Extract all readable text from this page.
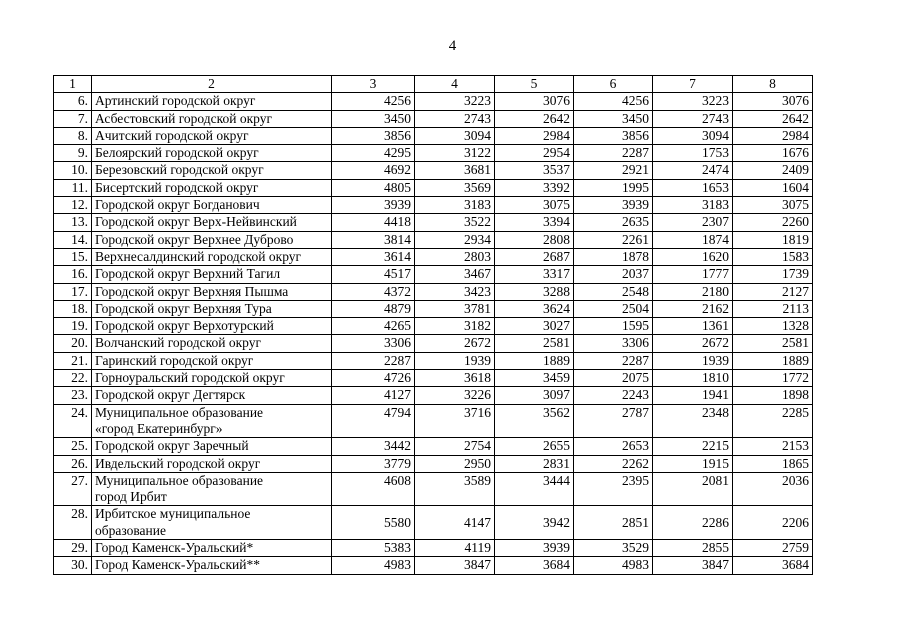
4
1	2	3	4	5	6	7	8
6.	Артинский городской округ	4256	3223	3076	4256	3223	3076
7.	Асбестовский городской округ	3450	2743	2642	3450	2743	2642
8.	Ачитский городской округ	3856	3094	2984	3856	3094	2984
9.	Белоярский городской округ	4295	3122	2954	2287	1753	1676
10.	Березовский городской округ	4692	3681	3537	2921	2474	2409
11.	Бисертский городской округ	4805	3569	3392	1995	1653	1604
12.	Городской округ Богданович	3939	3183	3075	3939	3183	3075
13.	Городской округ Верх-Нейвинский	4418	3522	3394	2635	2307	2260
14.	Городской округ Верхнее Дуброво	3814	2934	2808	2261	1874	1819
15.	Верхнесалдинский городской округ	3614	2803	2687	1878	1620	1583
16.	Городской округ Верхний Тагил	4517	3467	3317	2037	1777	1739
17.	Городской округ Верхняя Пышма	4372	3423	3288	2548	2180	2127
18.	Городской округ Верхняя Тура	4879	3781	3624	2504	2162	2113
19.	Городской округ Верхотурский	4265	3182	3027	1595	1361	1328
20.	Волчанский городской округ	3306	2672	2581	3306	2672	2581
21.	Гаринский городской округ	2287	1939	1889	2287	1939	1889
22.	Горноуральский городской округ	4726	3618	3459	2075	1810	1772
23.	Городской округ Дегтярск	4127	3226	3097	2243	1941	1898
24.	Муниципальное образование
«город Екатеринбург»	4794	3716	3562	2787	2348	2285
25.	Городской округ Заречный	3442	2754	2655	2653	2215	2153
26.	Ивдельский городской округ	3779	2950	2831	2262	1915	1865
27.	Муниципальное образование
город Ирбит	4608	3589	3444	2395	2081	2036
28.	Ирбитское муниципальное
образование	5580	4147	3942	2851	2286	2206
29.	Город Каменск-Уральский*	5383	4119	3939	3529	2855	2759
30.	Город Каменск-Уральский**	4983	3847	3684	4983	3847	3684
